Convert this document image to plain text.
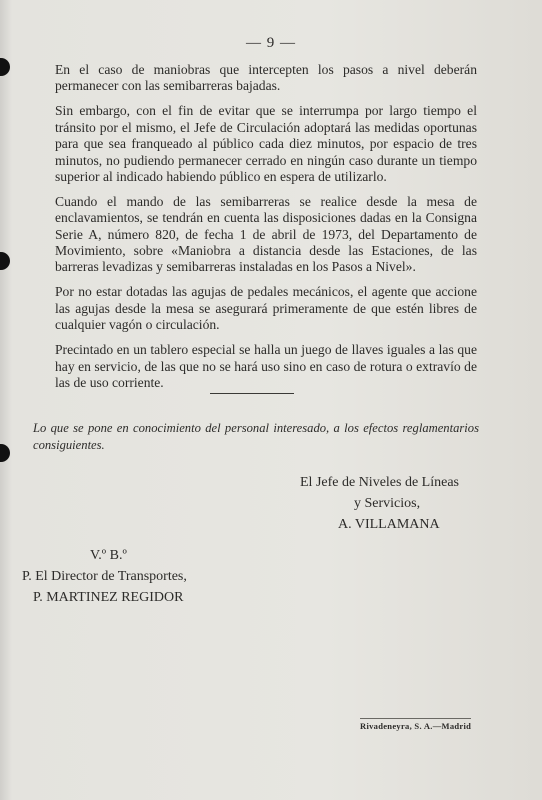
— 9 —

En el caso de maniobras que intercepten los pasos a nivel deberán permanecer con las semibarreras bajadas.

Sin embargo, con el fin de evitar que se interrumpa por largo tiempo el tránsito por el mismo, el Jefe de Circulación adoptará las medidas oportunas para que sea franqueado al público cada diez minutos, por espacio de tres minutos, no pudiendo permanecer cerrado en ningún caso durante un tiempo superior al indicado habiendo público en espera de utilizarlo.

Cuando el mando de las semibarreras se realice desde la mesa de enclavamientos, se tendrán en cuenta las disposiciones dadas en la Consigna Serie A, número 820, de fecha 1 de abril de 1973, del Departamento de Movimiento, sobre «Maniobra a distancia desde las Estaciones, de las barreras levadizas y semibarreras instaladas en los Pasos a Nivel».

Por no estar dotadas las agujas de pedales mecánicos, el agente que accione las agujas desde la mesa se asegurará primeramente de que estén libres de cualquier vagón o circulación.

Precintado en un tablero especial se halla un juego de llaves iguales a las que hay en servicio, de las que no se hará uso sino en caso de rotura o extravío de las de uso corriente.

Lo que se pone en conocimiento del personal interesado, a los efectos reglamentarios consiguientes.
El Jefe de Niveles de Líneas
y Servicios,
A. VILLAMANA
V.º B.º
P. El Director de Transportes,
P. MARTINEZ REGIDOR
Rivadeneyra, S. A.—Madrid
